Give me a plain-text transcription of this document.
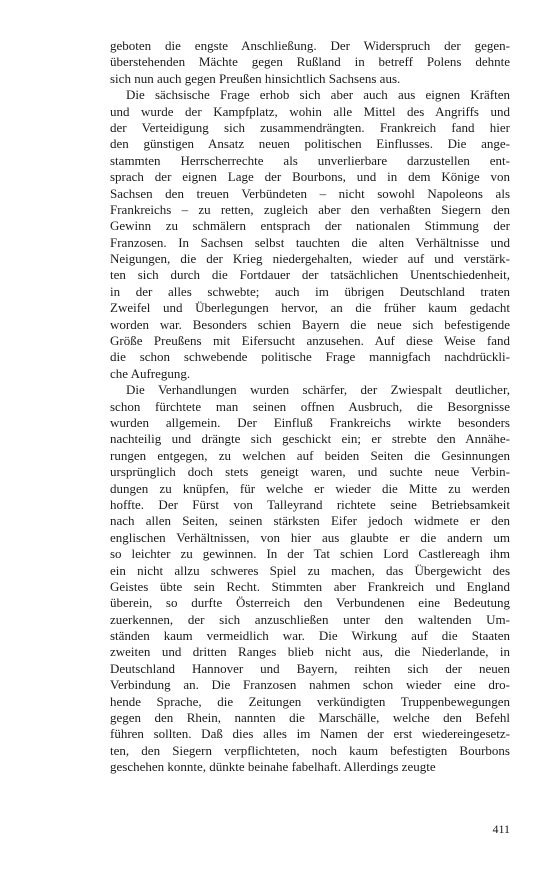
geboten die engste Anschließung. Der Widerspruch der gegen-
überstehenden Mächte gegen Rußland in betreff Polens dehnte
sich nun auch gegen Preußen hinsichtlich Sachsens aus.
Die sächsische Frage erhob sich aber auch aus eignen Kräften
und wurde der Kampfplatz, wohin alle Mittel des Angriffs und
der Verteidigung sich zusammendrängten. Frankreich fand hier
den günstigen Ansatz neuen politischen Einflusses. Die ange-
stammten Herrscherrechte als unverlierbare darzustellen ent-
sprach der eignen Lage der Bourbons, und in dem Könige von
Sachsen den treuen Verbündeten – nicht sowohl Napoleons als
Frankreichs – zu retten, zugleich aber den verhaßten Siegern den
Gewinn zu schmälern entsprach der nationalen Stimmung der
Franzosen. In Sachsen selbst tauchten die alten Verhältnisse und
Neigungen, die der Krieg niedergehalten, wieder auf und verstärk-
ten sich durch die Fortdauer der tatsächlichen Unentschiedenheit,
in der alles schwebte; auch im übrigen Deutschland traten
Zweifel und Überlegungen hervor, an die früher kaum gedacht
worden war. Besonders schien Bayern die neue sich befestigende
Größe Preußens mit Eifersucht anzusehen. Auf diese Weise fand
die schon schwebende politische Frage mannigfach nachdrückli-
che Aufregung.
Die Verhandlungen wurden schärfer, der Zwiespalt deutlicher,
schon fürchtete man seinen offnen Ausbruch, die Besorgnisse
wurden allgemein. Der Einfluß Frankreichs wirkte besonders
nachteilig und drängte sich geschickt ein; er strebte den Annähe-
rungen entgegen, zu welchen auf beiden Seiten die Gesinnungen
ursprünglich doch stets geneigt waren, und suchte neue Verbin-
dungen zu knüpfen, für welche er wieder die Mitte zu werden
hoffte. Der Fürst von Talleyrand richtete seine Betriebsamkeit
nach allen Seiten, seinen stärksten Eifer jedoch widmete er den
englischen Verhältnissen, von hier aus glaubte er die andern um
so leichter zu gewinnen. In der Tat schien Lord Castlereagh ihm
ein nicht allzu schweres Spiel zu machen, das Übergewicht des
Geistes übte sein Recht. Stimmten aber Frankreich und England
überein, so durfte Österreich den Verbundenen eine Bedeutung
zuerkennen, der sich anzuschließen unter den waltenden Um-
ständen kaum vermeidlich war. Die Wirkung auf die Staaten
zweiten und dritten Ranges blieb nicht aus, die Niederlande, in
Deutschland Hannover und Bayern, reihten sich der neuen
Verbindung an. Die Franzosen nahmen schon wieder eine dro-
hende Sprache, die Zeitungen verkündigten Truppenbewegungen
gegen den Rhein, nannten die Marschälle, welche den Befehl
führen sollten. Daß dies alles im Namen der erst wiedereingesetz-
ten, den Siegern verpflichteten, noch kaum befestigten Bourbons
geschehen konnte, dünkte beinahe fabelhaft. Allerdings zeugte
411
